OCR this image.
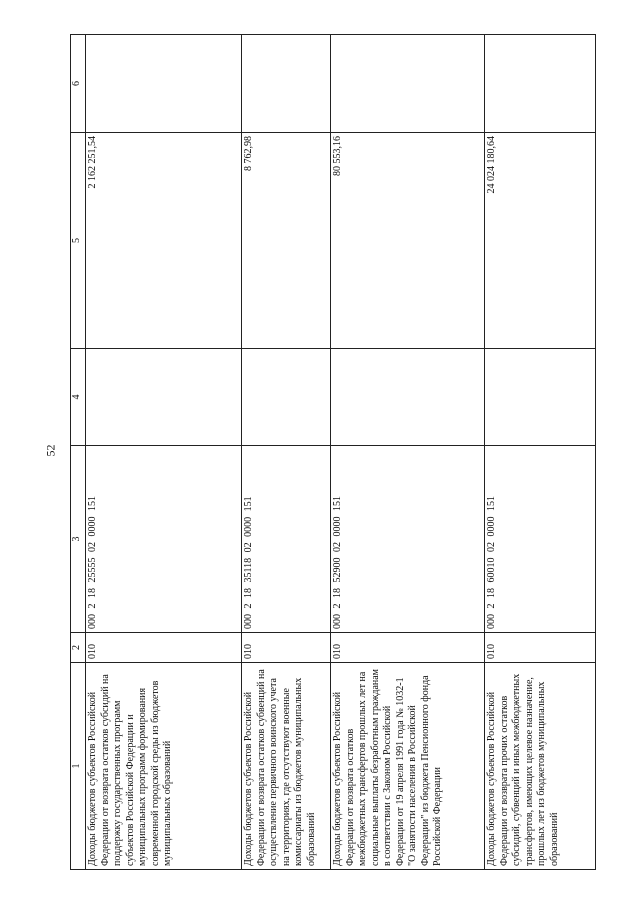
52
1	2	3	4	5	6
Доходы бюджетов субъектов Российской Федерации от возврата остатков субсидий на поддержку государственных программ субъектов Российской Федерации и муниципальных программ формирования современной городской среды из бюджетов муниципальных образований	010	000 2 18 25555 02 0000 151		2 162 251,54	
Доходы бюджетов субъектов Российской Федерации от возврата остатков субвенций на осуществление первичного воинского учета на территориях, где отсутствуют военные комиссариаты из бюджетов муниципальных образований	010	000 2 18 35118 02 0000 151		8 762,98	
Доходы бюджетов субъектов Российской Федерации от возврата остатков межбюджетных трансфертов прошлых лет на социальные выплаты безработным гражданам в соответствии с Законом Российской Федерации от 19 апреля 1991 года № 1032-1 "О занятости населения в Российской Федерации" из бюджета Пенсионного фонда Российской Федерации	010	000 2 18 52900 02 0000 151		80 553,16	
Доходы бюджетов субъектов Российской Федерации от возврата прочих остатков субсидий, субвенций и иных межбюджетных трансфертов, имеющих целевое назначение, прошлых лет из бюджетов муниципальных образований	010	000 2 18 60010 02 0000 151		24 024 180,64	
